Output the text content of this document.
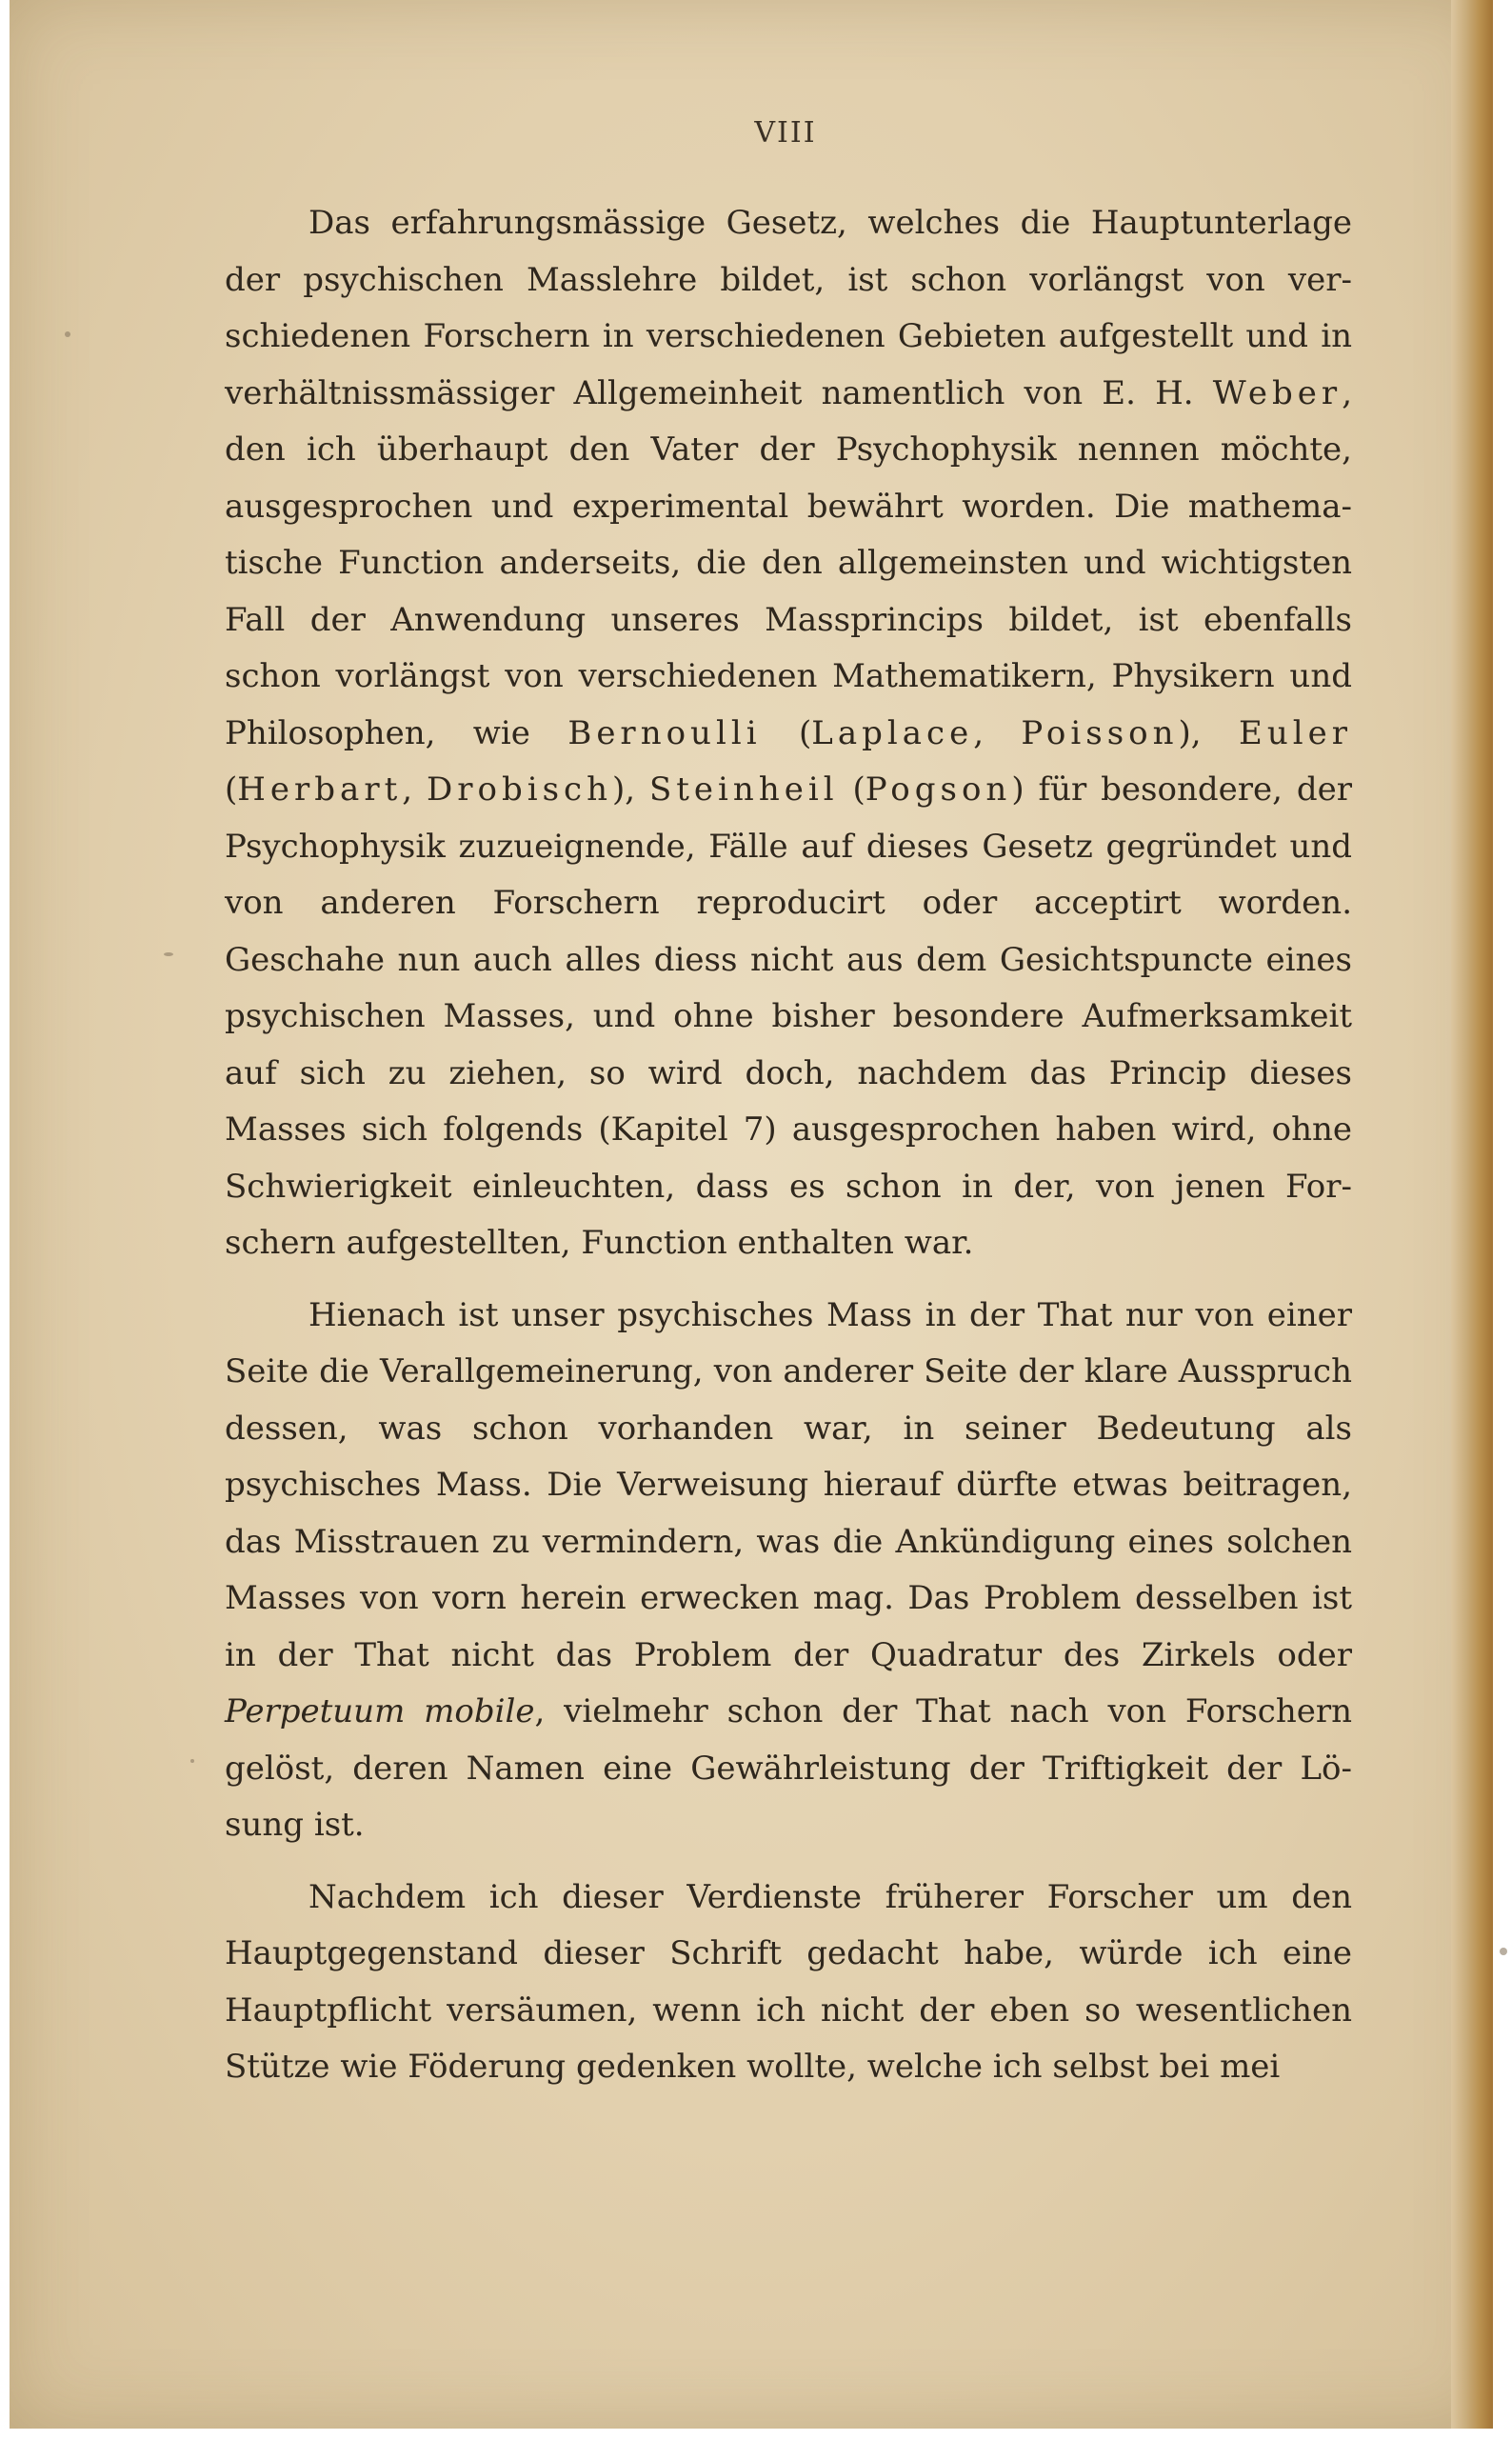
VIII

Das erfahrungsmässige Gesetz, welches die Hauptunterlage der psychischen Masslehre bildet, ist schon vorlängst von verschiedenen Forschern in verschiedenen Gebieten aufgestellt und in verhältnissmässiger Allgemeinheit namentlich von E. H. Weber, den ich überhaupt den Vater der Psychophysik nennen möchte, ausgesprochen und experimental bewährt worden. Die mathematische Function anderseits, die den allgemeinsten und wichtigsten Fall der Anwendung unseres Massprincips bildet, ist ebenfalls schon vorlängst von verschiedenen Mathematikern, Physikern und Philosophen, wie Bernoulli (Laplace, Poisson), Euler (Herbart, Drobisch), Steinheil (Pogson) für besondere, der Psychophysik zuzueignende, Fälle auf dieses Gesetz gegründet und von anderen Forschern reproducirt oder acceptirt worden. Geschahe nun auch alles diess nicht aus dem Gesichtspuncte eines psychischen Masses, und ohne bisher besondere Aufmerksamkeit auf sich zu ziehen, so wird doch, nachdem das Princip dieses Masses sich folgends (Kapitel 7) ausgesprochen haben wird, ohne Schwierigkeit einleuchten, dass es schon in der, von jenen Forschern aufgestellten, Function enthalten war.

Hienach ist unser psychisches Mass in der That nur von einer Seite die Verallgemeinerung, von anderer Seite der klare Ausspruch dessen, was schon vorhanden war, in seiner Bedeutung als psychisches Mass. Die Verweisung hierauf dürfte etwas beitragen, das Misstrauen zu vermindern, was die Ankündigung eines solchen Masses von vorn herein erwecken mag. Das Problem desselben ist in der That nicht das Problem der Quadratur des Zirkels oder Perpetuum mobile, vielmehr schon der That nach von Forschern gelöst, deren Namen eine Gewährleistung der Triftigkeit der Lösung ist.

Nachdem ich dieser Verdienste früherer Forscher um den Hauptgegenstand dieser Schrift gedacht habe, würde ich eine Hauptpflicht versäumen, wenn ich nicht der eben so wesentlichen Stütze wie Föderung gedenken wollte, welche ich selbst bei mei
